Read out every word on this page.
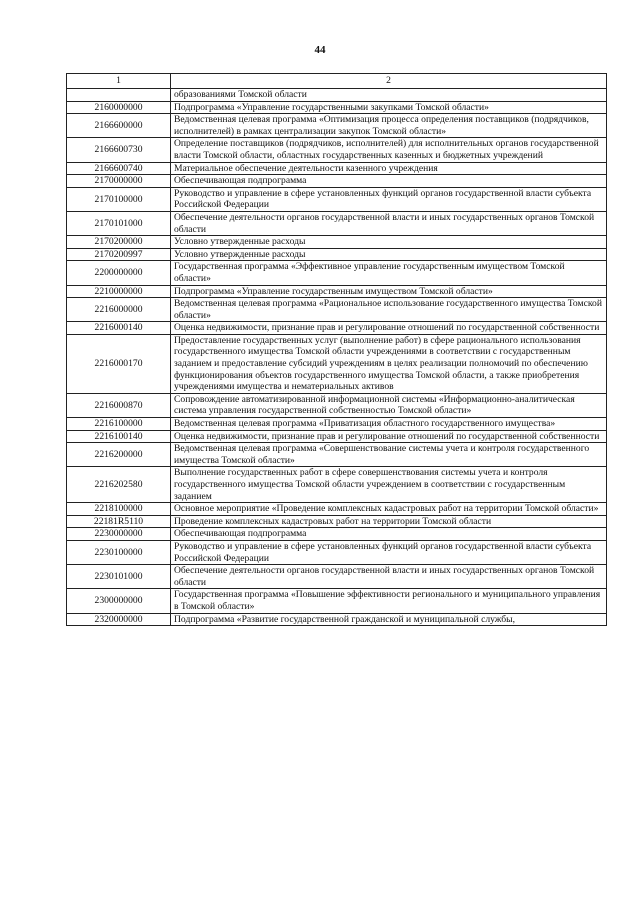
44
1	2
	образованиями Томской области
2160000000	Подпрограмма «Управление государственными закупками Томской области»
2166600000	Ведомственная целевая программа «Оптимизация процесса определения поставщиков (подрядчиков, исполнителей) в рамках централизации закупок Томской области»
2166600730	Определение поставщиков (подрядчиков, исполнителей) для исполнительных органов государственной власти Томской области, областных государственных казенных и бюджетных учреждений
2166600740	Материальное обеспечение деятельности казенного учреждения
2170000000	Обеспечивающая подпрограмма
2170100000	Руководство и управление в сфере установленных функций органов государственной власти субъекта Российской Федерации
2170101000	Обеспечение деятельности органов государственной власти и иных государственных органов Томской области
2170200000	Условно утвержденные расходы
2170200997	Условно утвержденные расходы
2200000000	Государственная программа «Эффективное управление государственным имуществом Томской области»
2210000000	Подпрограмма «Управление государственным имуществом Томской области»
2216000000	Ведомственная целевая программа «Рациональное использование государственного имущества Томской области»
2216000140	Оценка недвижимости, признание прав и регулирование отношений по государственной собственности
2216000170	Предоставление государственных услуг (выполнение работ) в сфере рационального использования государственного имущества Томской области учреждениями в соответствии с государственным заданием и предоставление субсидий учреждениям в целях реализации полномочий по обеспечению функционирования объектов государственного имущества Томской области, а также приобретения учреждениями имущества и нематериальных активов
2216000870	Сопровождение автоматизированной информационной системы «Информационно-аналитическая система управления государственной собственностью Томской области»
2216100000	Ведомственная целевая программа «Приватизация областного государственного имущества»
2216100140	Оценка недвижимости, признание прав и регулирование отношений по государственной собственности
2216200000	Ведомственная целевая программа «Совершенствование системы учета и контроля государственного имущества Томской области»
2216202580	Выполнение государственных работ в сфере совершенствования системы учета и контроля государственного имущества Томской области учреждением в соответствии с государственным заданием
2218100000	Основное мероприятие «Проведение комплексных кадастровых работ на территории Томской области»
22181R5110	Проведение комплексных кадастровых работ на территории Томской области
2230000000	Обеспечивающая подпрограмма
2230100000	Руководство и управление в сфере установленных функций органов государственной власти субъекта Российской Федерации
2230101000	Обеспечение деятельности органов государственной власти и иных государственных органов Томской области
2300000000	Государственная программа «Повышение эффективности регионального и муниципального управления в Томской области»
2320000000	Подпрограмма «Развитие государственной гражданской и муниципальной службы,
